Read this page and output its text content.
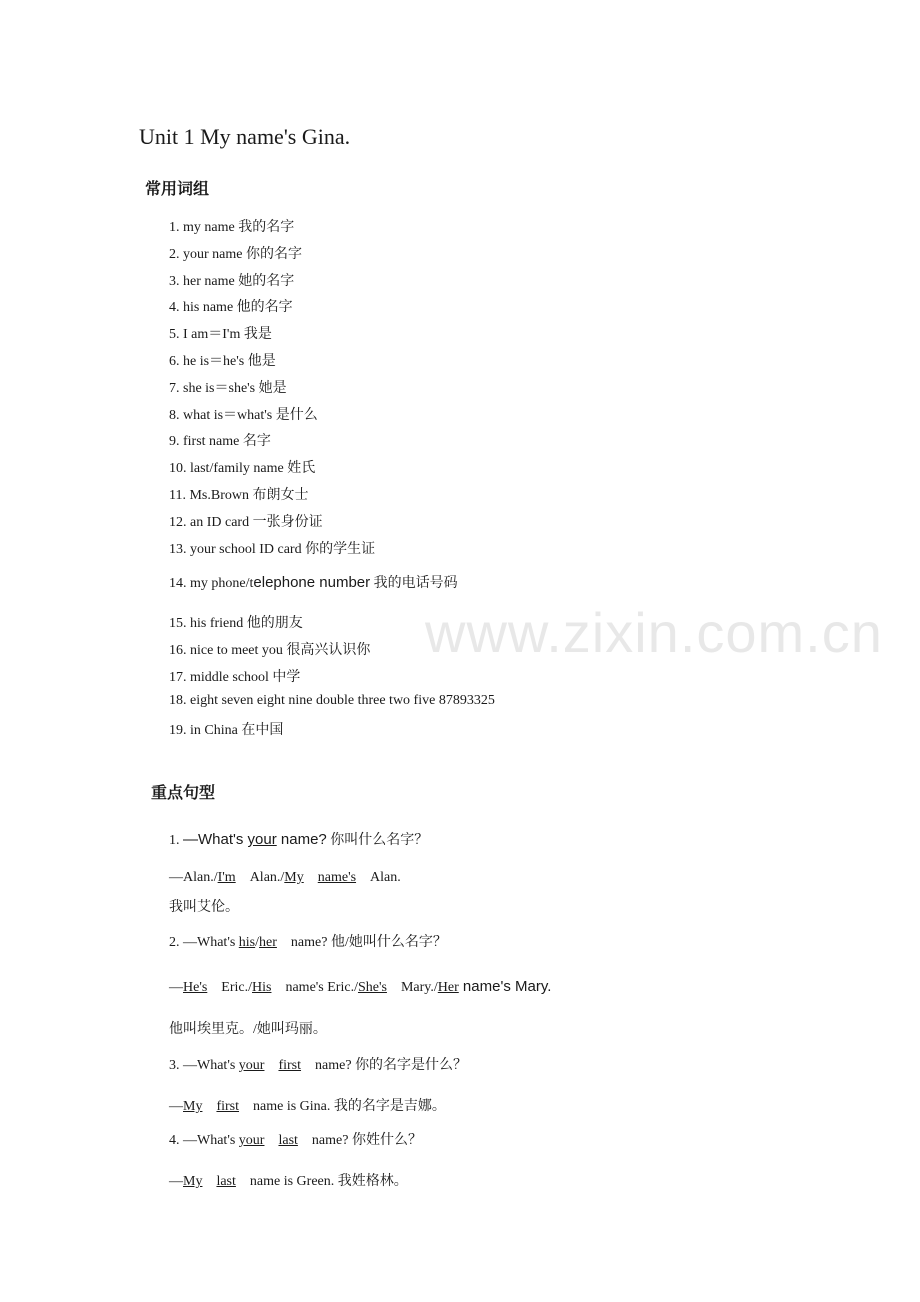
Unit 1 My name's Gina.
常用词组
1. my name 我的名字
2. your name 你的名字
3. her name 她的名字
4. his name 他的名字
5. I am＝I'm 我是
6. he is＝he's 他是
7. she is＝she's 她是
8. what is＝what's 是什么
9. first name 名字
10. last/family name 姓氏
11. Ms.Brown 布朗女士
12. an ID card 一张身份证
13. your school ID card 你的学生证
14. my phone/telephone number 我的电话号码
15. his friend 他的朋友
16. nice to meet you 很高兴认识你
17. middle school 中学
18. eight seven eight nine double three two five 87893325
19. in China 在中国
www.zixin.com.cn
重点句型
1. —What's your name? 你叫什么名字？
—Alan./I'm Alan./My name's Alan.
我叫艾伦。
2. —What's his/her name? 他/她叫什么名字？
—He's Eric./His name's Eric./She's Mary./Her name's Mary.
他叫埃里克。/她叫玛丽。
3. —What's your first name? 你的名字是什么？
—My first name is Gina. 我的名字是吉娜。
4. —What's your last name? 你姓什么？
—My last name is Green. 我姓格林。
